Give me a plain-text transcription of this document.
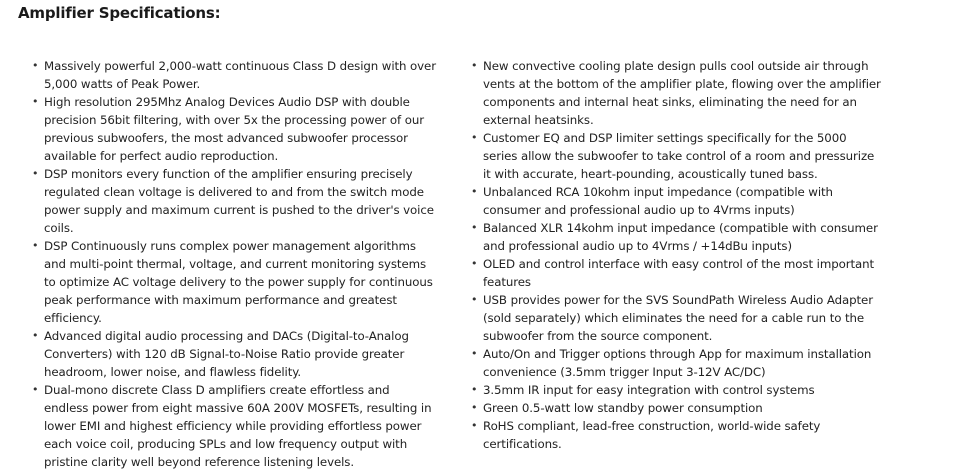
Amplifier Specifications:
• Massively powerful 2,000-watt continuous Class D design with over 5,000 watts of Peak Power.
• High resolution 295Mhz Analog Devices Audio DSP with double precision 56bit filtering, with over 5x the processing power of our previous subwoofers, the most advanced subwoofer processor available for perfect audio reproduction.
• DSP monitors every function of the amplifier ensuring precisely regulated clean voltage is delivered to and from the switch mode power supply and maximum current is pushed to the driver's voice coils.
• DSP Continuously runs complex power management algorithms and multi-point thermal, voltage, and current monitoring systems to optimize AC voltage delivery to the power supply for continuous peak performance with maximum performance and greatest efficiency.
• Advanced digital audio processing and DACs (Digital-to-Analog Converters) with 120 dB Signal-to-Noise Ratio provide greater headroom, lower noise, and flawless fidelity.
• Dual-mono discrete Class D amplifiers create effortless and endless power from eight massive 60A 200V MOSFETs, resulting in lower EMI and highest efficiency while providing effortless power each voice coil, producing SPLs and low frequency output with pristine clarity well beyond reference listening levels.
• New convective cooling plate design pulls cool outside air through vents at the bottom of the amplifier plate, flowing over the amplifier components and internal heat sinks, eliminating the need for an external heatsinks.
• Customer EQ and DSP limiter settings specifically for the 5000 series allow the subwoofer to take control of a room and pressurize it with accurate, heart-pounding, acoustically tuned bass.
• Unbalanced RCA 10kohm input impedance (compatible with consumer and professional audio up to 4Vrms inputs)
• Balanced XLR 14kohm input impedance (compatible with consumer and professional audio up to 4Vrms / +14dBu inputs)
• OLED and control interface with easy control of the most important features
• USB provides power for the SVS SoundPath Wireless Audio Adapter (sold separately) which eliminates the need for a cable run to the subwoofer from the source component.
• Auto/On and Trigger options through App for maximum installation convenience (3.5mm trigger Input 3-12V AC/DC)
• 3.5mm IR input for easy integration with control systems
• Green 0.5-watt low standby power consumption
• RoHS compliant, lead-free construction, world-wide safety certifications.
